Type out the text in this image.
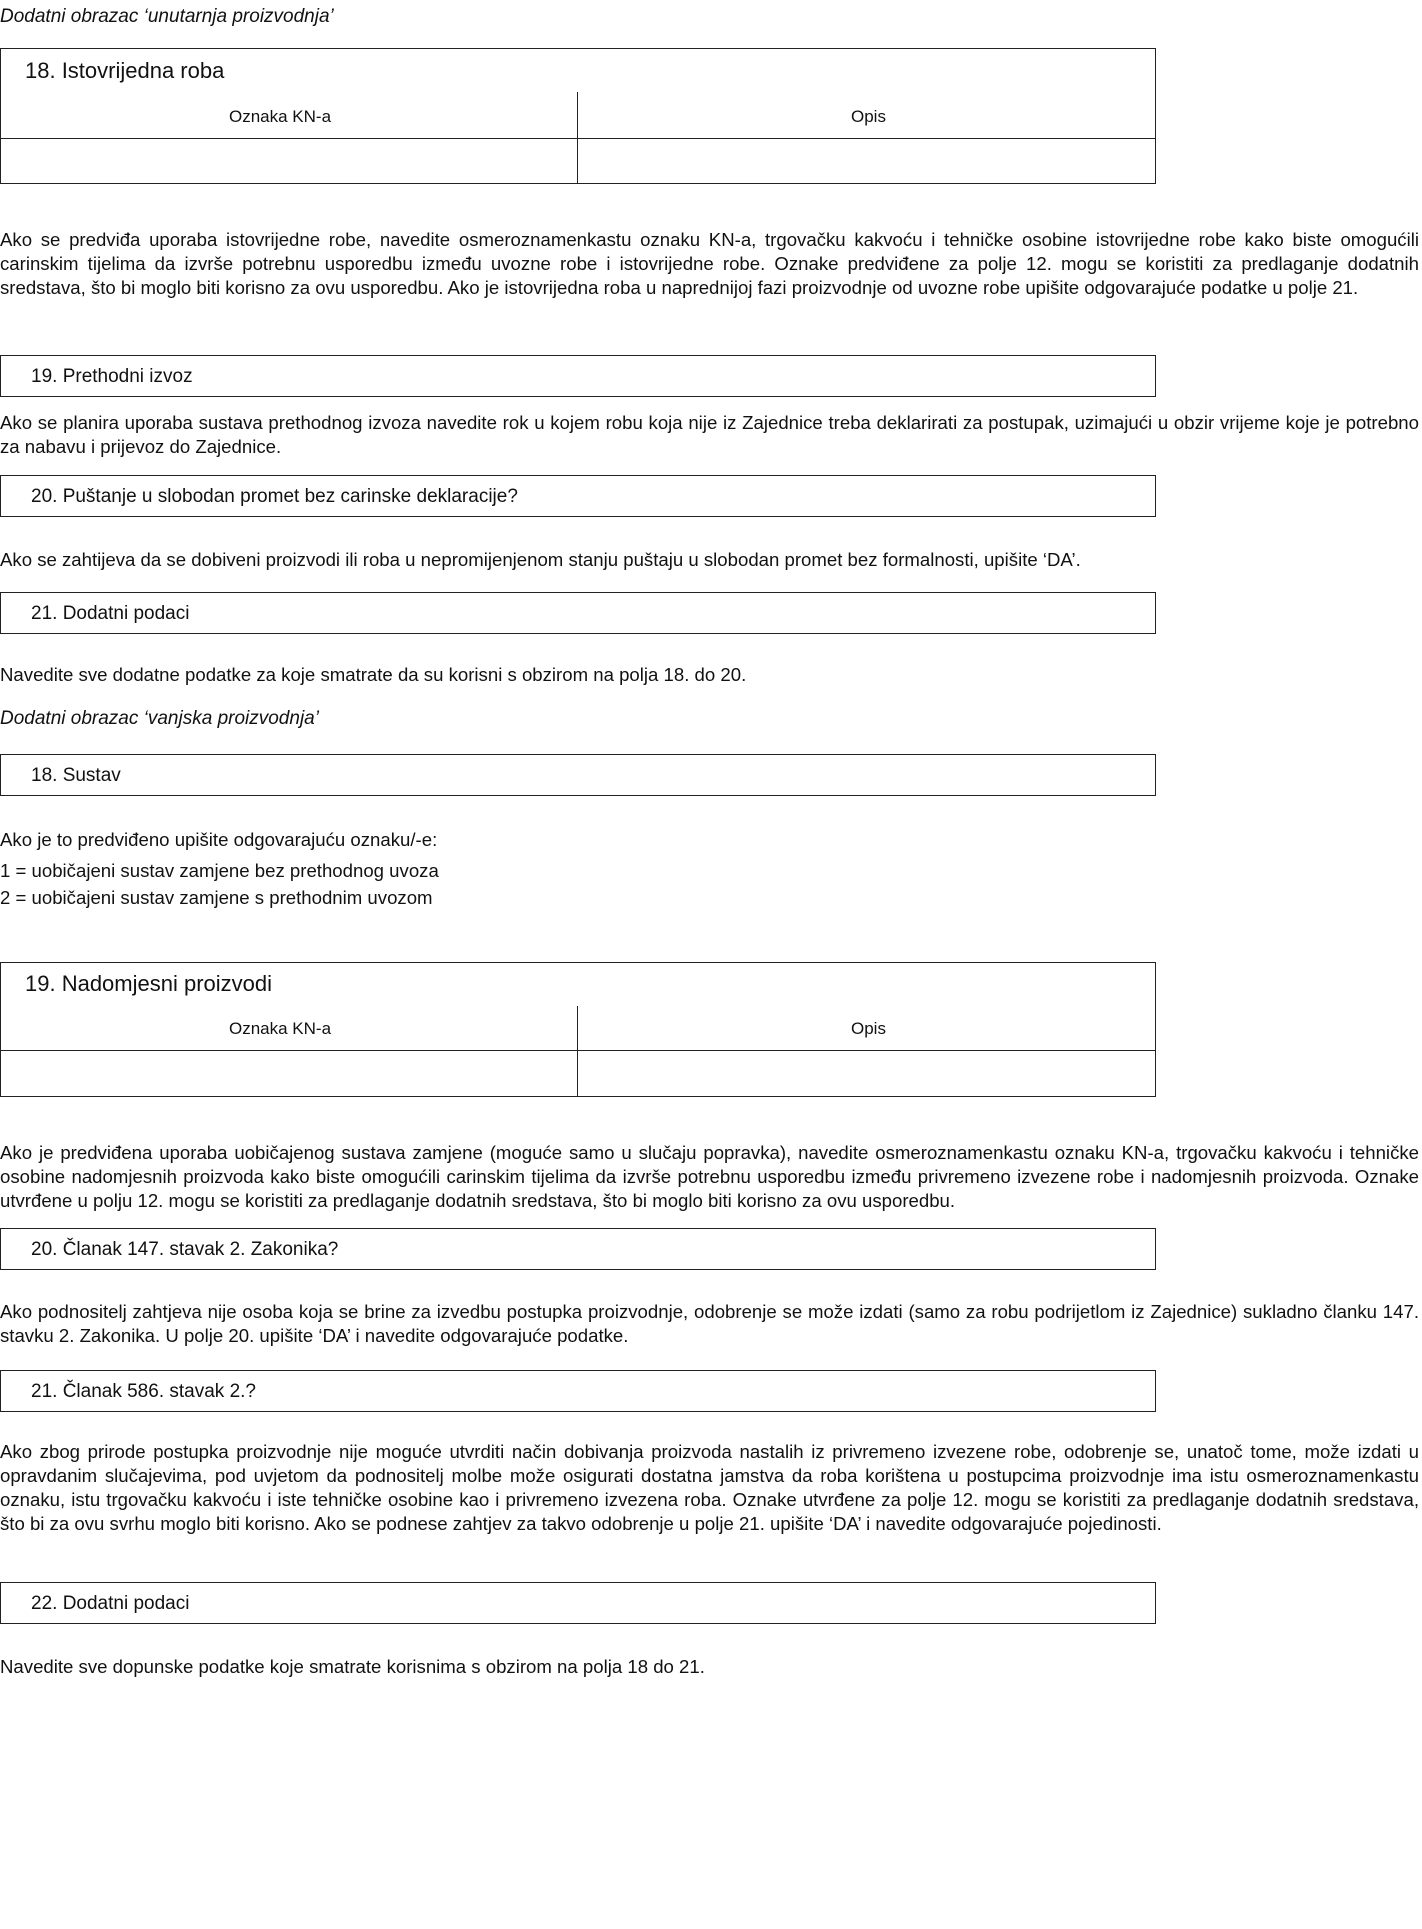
Dodatni obrazac ‘unutarnja proizvodnja’
18. Istovrijedna roba
Oznaka KN-a	Opis
Ako se predviđa uporaba istovrijedne robe, navedite osmeroznamenkastu oznaku KN-a, trgovačku kakvoću i tehničke osobine istovrijedne robe kako biste omogućili carinskim tijelima da izvrše potrebnu usporedbu između uvozne robe i istovrijedne robe. Oznake predviđene za polje 12. mogu se koristiti za predlaganje dodatnih sredstava, što bi moglo biti korisno za ovu usporedbu. Ako je istovrijedna roba u naprednijoj fazi proizvodnje od uvozne robe upišite odgovarajuće podatke u polje 21.
19. Prethodni izvoz
Ako se planira uporaba sustava prethodnog izvoza navedite rok u kojem robu koja nije iz Zajednice treba deklarirati za postupak, uzimajući u obzir vrijeme koje je potrebno za nabavu i prijevoz do Zajednice.
20. Puštanje u slobodan promet bez carinske deklaracije?
Ako se zahtijeva da se dobiveni proizvodi ili roba u nepromijenjenom stanju puštaju u slobodan promet bez formalnosti, upišite ‘DA’.
21. Dodatni podaci
Navedite sve dodatne podatke za koje smatrate da su korisni s obzirom na polja 18. do 20.
Dodatni obrazac ‘vanjska proizvodnja’
18. Sustav
Ako je to predviđeno upišite odgovarajuću oznaku/-e:
1 = uobičajeni sustav zamjene bez prethodnog uvoza
2 = uobičajeni sustav zamjene s prethodnim uvozom
19. Nadomjesni proizvodi
Oznaka KN-a	Opis
Ako je predviđena uporaba uobičajenog sustava zamjene (moguće samo u slučaju popravka), navedite osmeroznamenkastu oznaku KN-a, trgovačku kakvoću i tehničke osobine nadomjesnih proizvoda kako biste omogućili carinskim tijelima da izvrše potrebnu usporedbu između privremeno izvezene robe i nadomjesnih proizvoda. Oznake utvrđene u polju 12. mogu se koristiti za predlaganje dodatnih sredstava, što bi moglo biti korisno za ovu usporedbu.
20. Članak 147. stavak 2. Zakonika?
Ako podnositelj zahtjeva nije osoba koja se brine za izvedbu postupka proizvodnje, odobrenje se može izdati (samo za robu podrijetlom iz Zajednice) sukladno članku 147. stavku 2. Zakonika. U polje 20. upišite ‘DA’ i navedite odgovarajuće podatke.
21. Članak 586. stavak 2.?
Ako zbog prirode postupka proizvodnje nije moguće utvrditi način dobivanja proizvoda nastalih iz privremeno izvezene robe, odobrenje se, unatoč tome, može izdati u opravdanim slučajevima, pod uvjetom da podnositelj molbe može osigurati dostatna jamstva da roba korištena u postupcima proizvodnje ima istu osmeroznamenkastu oznaku, istu trgovačku kakvoću i iste tehničke osobine kao i privremeno izvezena roba. Oznake utvrđene za polje 12. mogu se koristiti za predlaganje dodatnih sredstava, što bi za ovu svrhu moglo biti korisno. Ako se podnese zahtjev za takvo odobrenje u polje 21. upišite ‘DA’ i navedite odgovarajuće pojedinosti.
22. Dodatni podaci
Navedite sve dopunske podatke koje smatrate korisnima s obzirom na polja 18 do 21.
